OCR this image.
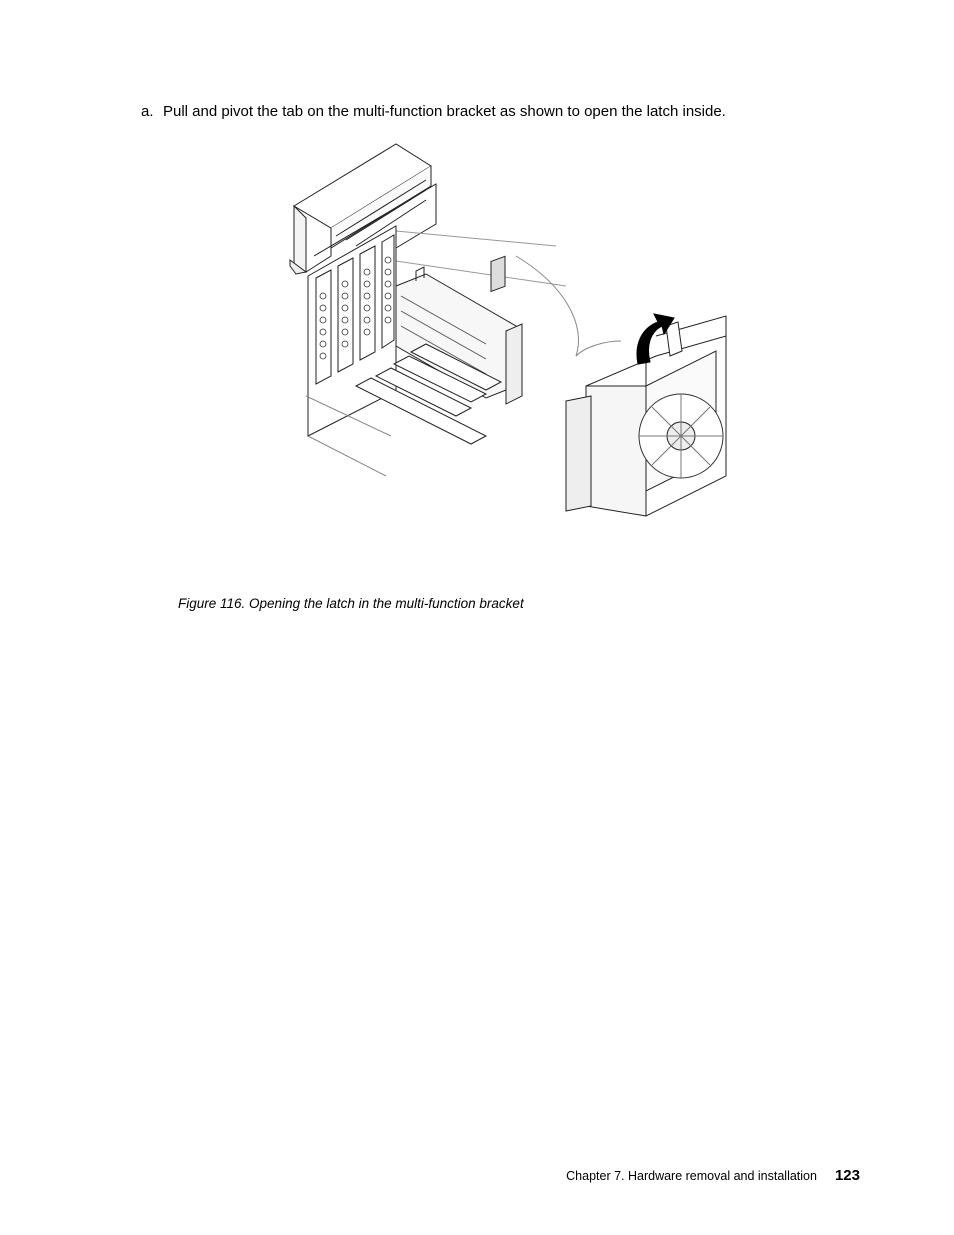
a. Pull and pivot the tab on the multi-function bracket as shown to open the latch inside.
Figure 116. Opening the latch in the multi-function bracket
Chapter 7. Hardware removal and installation 123
